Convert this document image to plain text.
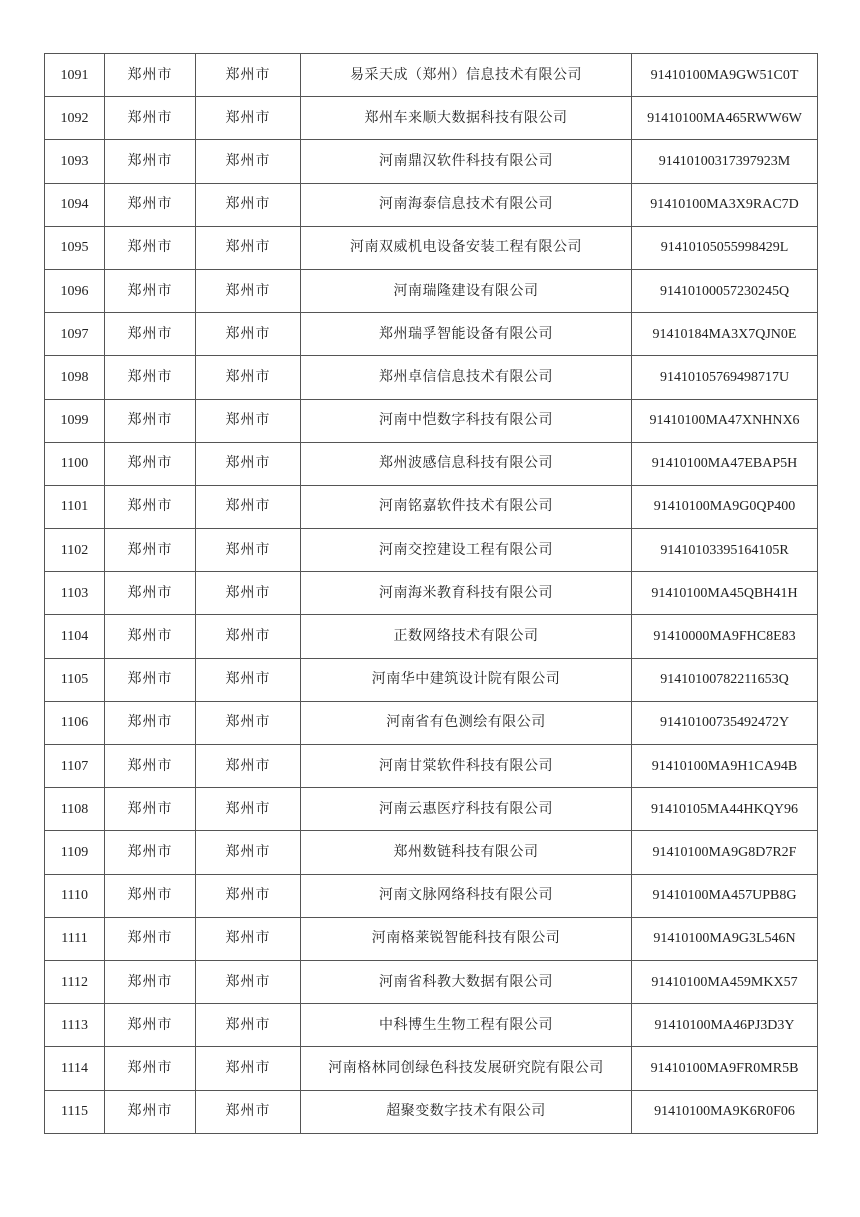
1091	郑州市	郑州市	易采天成（郑州）信息技术有限公司	91410100MA9GW51C0T
1092	郑州市	郑州市	郑州车来顺大数据科技有限公司	91410100MA465RWW6W
1093	郑州市	郑州市	河南鼎汉软件科技有限公司	91410100317397923M
1094	郑州市	郑州市	河南海泰信息技术有限公司	91410100MA3X9RAC7D
1095	郑州市	郑州市	河南双威机电设备安装工程有限公司	91410105055998429L
1096	郑州市	郑州市	河南瑞隆建设有限公司	91410100057230245Q
1097	郑州市	郑州市	郑州瑞孚智能设备有限公司	91410184MA3X7QJN0E
1098	郑州市	郑州市	郑州卓信信息技术有限公司	91410105769498717U
1099	郑州市	郑州市	河南中恺数字科技有限公司	91410100MA47XNHNX6
1100	郑州市	郑州市	郑州波感信息科技有限公司	91410100MA47EBAP5H
1101	郑州市	郑州市	河南铭嘉软件技术有限公司	91410100MA9G0QP400
1102	郑州市	郑州市	河南交控建设工程有限公司	91410103395164105R
1103	郑州市	郑州市	河南海米教育科技有限公司	91410100MA45QBH41H
1104	郑州市	郑州市	正数网络技术有限公司	91410000MA9FHC8E83
1105	郑州市	郑州市	河南华中建筑设计院有限公司	91410100782211653Q
1106	郑州市	郑州市	河南省有色测绘有限公司	91410100735492472Y
1107	郑州市	郑州市	河南甘棠软件科技有限公司	91410100MA9H1CA94B
1108	郑州市	郑州市	河南云惠医疗科技有限公司	91410105MA44HKQY96
1109	郑州市	郑州市	郑州数链科技有限公司	91410100MA9G8D7R2F
1110	郑州市	郑州市	河南文脉网络科技有限公司	91410100MA457UPB8G
1111	郑州市	郑州市	河南格莱锐智能科技有限公司	91410100MA9G3L546N
1112	郑州市	郑州市	河南省科教大数据有限公司	91410100MA459MKX57
1113	郑州市	郑州市	中科博生生物工程有限公司	91410100MA46PJ3D3Y
1114	郑州市	郑州市	河南格林同创绿色科技发展研究院有限公司	91410100MA9FR0MR5B
1115	郑州市	郑州市	超聚变数字技术有限公司	91410100MA9K6R0F06
